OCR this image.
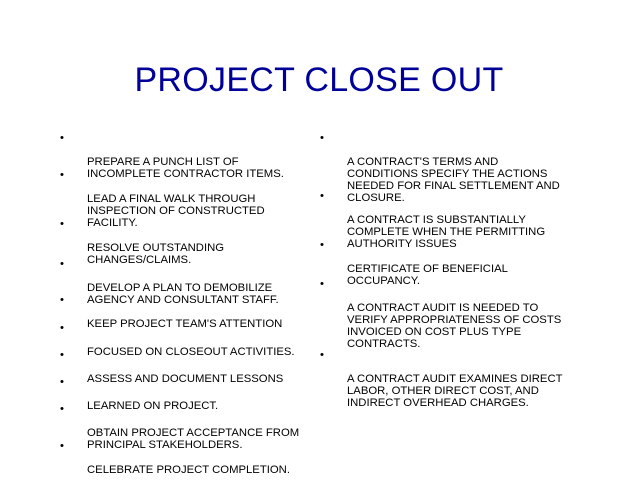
PROJECT CLOSE OUT

•

PREPARE A PUNCH LIST OF
INCOMPLETE CONTRACTOR ITEMS.

•

LEAD A FINAL WALK THROUGH
INSPECTION OF CONSTRUCTED
FACILITY.

•

RESOLVE OUTSTANDING
CHANGES/CLAIMS.

•

DEVELOP A PLAN TO DEMOBILIZE
AGENCY AND CONSULTANT STAFF.

•

KEEP PROJECT TEAM'S ATTENTION

•

FOCUSED ON CLOSEOUT ACTIVITIES.

•

ASSESS AND DOCUMENT LESSONS

•

LEARNED ON PROJECT.

•

OBTAIN PROJECT ACCEPTANCE FROM
PRINCIPAL STAKEHOLDERS.

•

CELEBRATE PROJECT COMPLETION.

•

A CONTRACT'S TERMS AND
CONDITIONS SPECIFY THE ACTIONS
NEEDED FOR FINAL SETTLEMENT AND
CLOSURE.

•

A CONTRACT IS SUBSTANTIALLY
COMPLETE WHEN THE PERMITTING
AUTHORITY ISSUES

•

CERTIFICATE OF BENEFICIAL
OCCUPANCY.

•

A CONTRACT AUDIT IS NEEDED TO
VERIFY APPROPRIATENESS OF COSTS
INVOICED ON COST PLUS TYPE
CONTRACTS.

•

A CONTRACT AUDIT EXAMINES DIRECT
LABOR, OTHER DIRECT COST, AND
INDIRECT OVERHEAD CHARGES.
